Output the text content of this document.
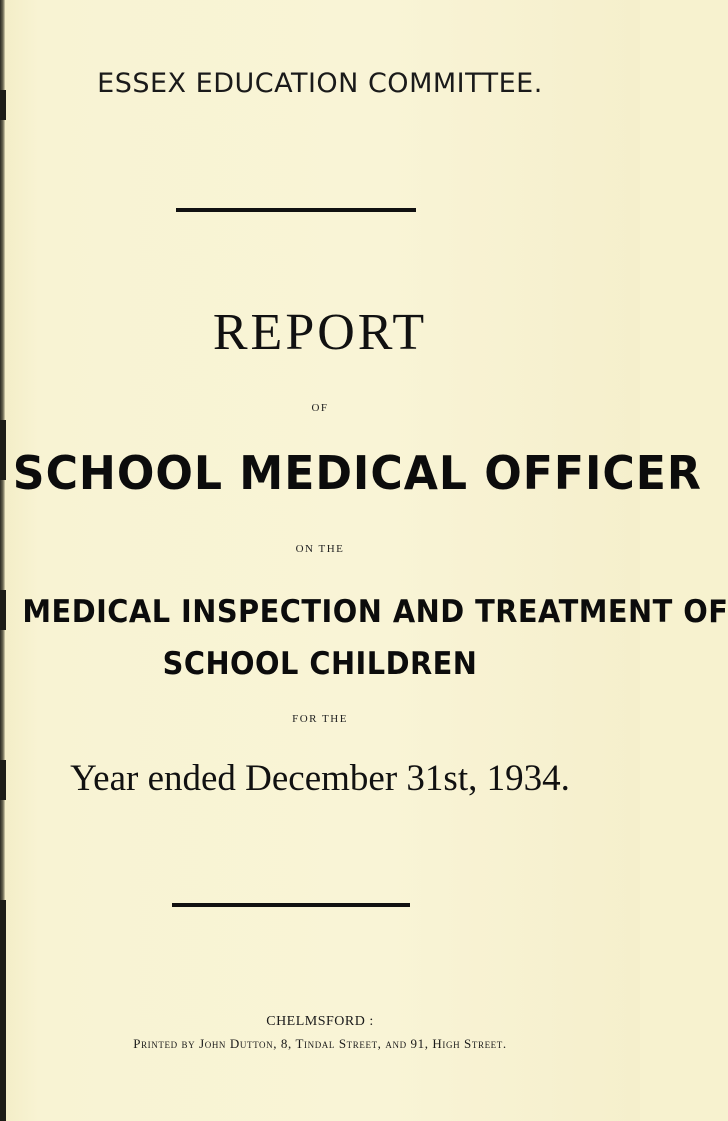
ESSEX EDUCATION COMMITTEE.
REPORT
OF
SCHOOL MEDICAL OFFICER
ON THE
MEDICAL INSPECTION AND TREATMENT OF
SCHOOL CHILDREN
FOR THE
Year ended December 31st, 1934.
CHELMSFORD :
Printed by John Dutton, 8, Tindal Street, and 91, High Street.
